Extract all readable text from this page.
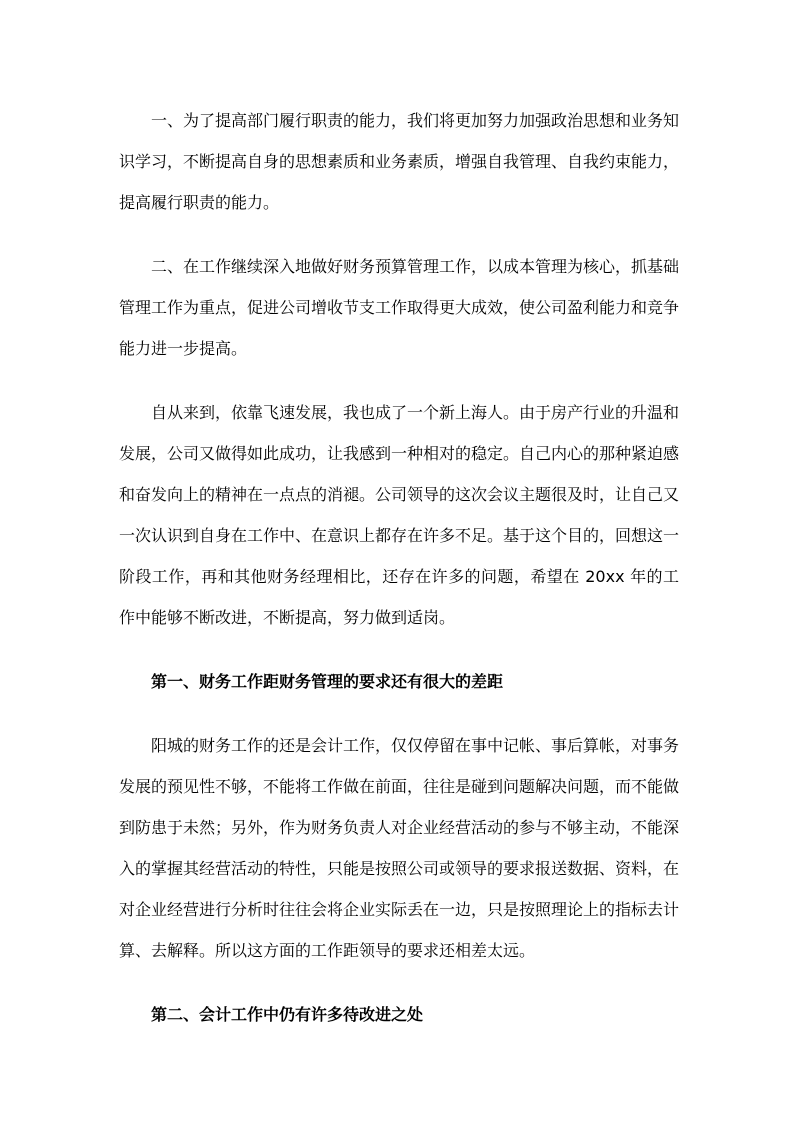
一、为了提高部门履行职责的能力，我们将更加努力加强政治思想和业务知识学习，不断提高自身的思想素质和业务素质，增强自我管理、自我约束能力，提高履行职责的能力。

二、在工作继续深入地做好财务预算管理工作，以成本管理为核心，抓基础管理工作为重点，促进公司增收节支工作取得更大成效，使公司盈利能力和竞争能力进一步提高。

自从来到，依靠飞速发展，我也成了一个新上海人。由于房产行业的升温和发展，公司又做得如此成功，让我感到一种相对的稳定。自己内心的那种紧迫感和奋发向上的精神在一点点的消褪。公司领导的这次会议主题很及时，让自己又一次认识到自身在工作中、在意识上都存在许多不足。基于这个目的，回想这一阶段工作，再和其他财务经理相比，还存在许多的问题，希望在 20xx 年的工作中能够不断改进，不断提高，努力做到适岗。

第一、财务工作距财务管理的要求还有很大的差距

阳城的财务工作的还是会计工作，仅仅停留在事中记帐、事后算帐，对事务发展的预见性不够，不能将工作做在前面，往往是碰到问题解决问题，而不能做到防患于未然；另外，作为财务负责人对企业经营活动的参与不够主动，不能深入的掌握其经营活动的特性，只能是按照公司或领导的要求报送数据、资料，在对企业经营进行分析时往往会将企业实际丢在一边，只是按照理论上的指标去计算、去解释。所以这方面的工作距领导的要求还相差太远。

第二、会计工作中仍有许多待改进之处
